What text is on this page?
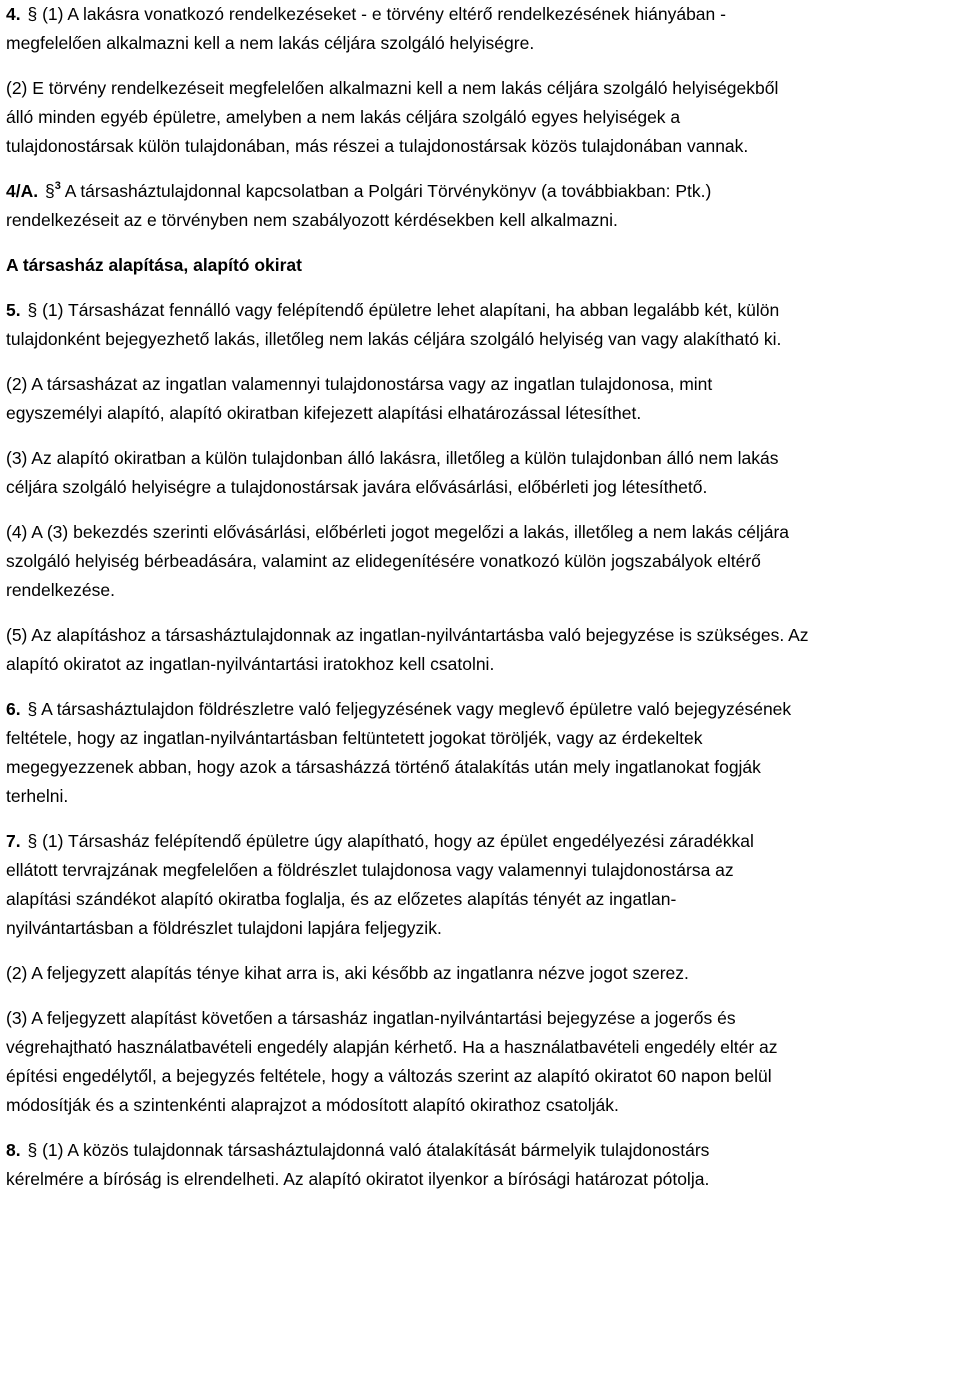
4. § (1) A lakásra vonatkozó rendelkezéseket - e törvény eltérő rendelkezésének hiányában -
megfelelően alkalmazni kell a nem lakás céljára szolgáló helyiségre.
(2) E törvény rendelkezéseit megfelelően alkalmazni kell a nem lakás céljára szolgáló helyiségekből
álló minden egyéb épületre, amelyben a nem lakás céljára szolgáló egyes helyiségek a
tulajdonostársak külön tulajdonában, más részei a tulajdonostársak közös tulajdonában vannak.
4/A. §$^3$ A társasháztulajdonnal kapcsolatban a Polgári Törvénykönyv (a továbbiakban: Ptk.)
rendelkezéseit az e törvényben nem szabályozott kérdésekben kell alkalmazni.
A társasház alapítása, alapító okirat
5. § (1) Társasházat fennálló vagy felépítendő épületre lehet alapítani, ha abban legalább két, külön
tulajdonként bejegyezhető lakás, illetőleg nem lakás céljára szolgáló helyiség van vagy alakítható ki.
(2) A társasházat az ingatlan valamennyi tulajdonostársa vagy az ingatlan tulajdonosa, mint
egyszemélyi alapító, alapító okiratban kifejezett alapítási elhatározással létesíthet.
(3) Az alapító okiratban a külön tulajdonban álló lakásra, illetőleg a külön tulajdonban álló nem lakás
céljára szolgáló helyiségre a tulajdonostársak javára elővásárlási, előbérleti jog létesíthető.
(4) A (3) bekezdés szerinti elővásárlási, előbérleti jogot megelőzi a lakás, illetőleg a nem lakás céljára
szolgáló helyiség bérbeadására, valamint az elidegenítésére vonatkozó külön jogszabályok eltérő
rendelkezése.
(5) Az alapításhoz a társasháztulajdonnak az ingatlan-nyilvántartásba való bejegyzése is szükséges. Az
alapító okiratot az ingatlan-nyilvántartási iratokhoz kell csatolni.
6. § A társasháztulajdon földrészletre való feljegyzésének vagy meglevő épületre való bejegyzésének
feltétele, hogy az ingatlan-nyilvántartásban feltüntetett jogokat töröljék, vagy az érdekeltek
megegyezzenek abban, hogy azok a társasházzá történő átalakítás után mely ingatlanokat fogják
terhelni.
7. § (1) Társasház felépítendő épületre úgy alapítható, hogy az épület engedélyezési záradékkal
ellátott tervrajzának megfelelően a földrészlet tulajdonosa vagy valamennyi tulajdonostársa az
alapítási szándékot alapító okiratba foglalja, és az előzetes alapítás tényét az ingatlan-
nyilvántartásban a földrészlet tulajdoni lapjára feljegyzik.
(2) A feljegyzett alapítás ténye kihat arra is, aki később az ingatlanra nézve jogot szerez.
(3) A feljegyzett alapítást követően a társasház ingatlan-nyilvántartási bejegyzése a jogerős és
végrehajtható használatbavételi engedély alapján kérhető. Ha a használatbavételi engedély eltér az
építési engedélytől, a bejegyzés feltétele, hogy a változás szerint az alapító okiratot 60 napon belül
módosítják és a szintenkénti alaprajzot a módosított alapító okirathoz csatolják.
8. § (1) A közös tulajdonnak társasháztulajdonná való átalakítását bármelyik tulajdonostárs
kérelmére a bíróság is elrendelheti. Az alapító okiratot ilyenkor a bírósági határozat pótolja.
